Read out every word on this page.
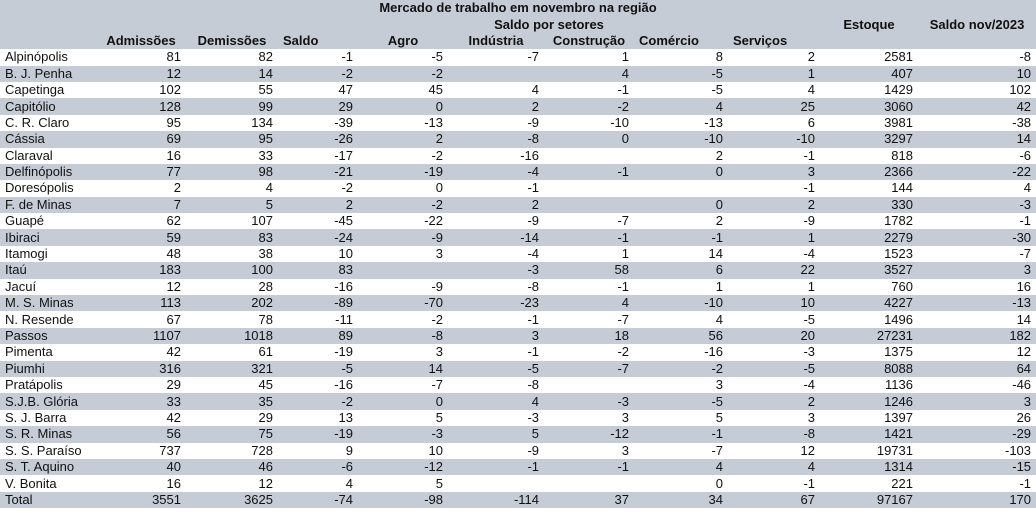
Mercado de trabalho em novembro na região										
			Saldo por setores						Estoque	Saldo nov/2023
	Admissões	Demissões	Saldo	Agro	Indústria	Construção	Comércio	Serviços		
Alpinópolis	81	82	-1	-5	-7	1	8	2	2581	-8
B. J. Penha	12	14	-2	-2		4	-5	1	407	10
Capetinga	102	55	47	45	4	-1	-5	4	1429	102
Capitólio	128	99	29	0	2	-2	4	25	3060	42
C. R. Claro	95	134	-39	-13	-9	-10	-13	6	3981	-38
Cássia	69	95	-26	2	-8	0	-10	-10	3297	14
Claraval	16	33	-17	-2	-16		2	-1	818	-6
Delfinópolis	77	98	-21	-19	-4	-1	0	3	2366	-22
Doresópolis	2	4	-2	0	-1			-1	144	4
F. de Minas	7	5	2	-2	2		0	2	330	-3
Guapé	62	107	-45	-22	-9	-7	2	-9	1782	-1
Ibiraci	59	83	-24	-9	-14	-1	-1	1	2279	-30
Itamogi	48	38	10	3	-4	1	14	-4	1523	-7
Itaú	183	100	83		-3	58	6	22	3527	3
Jacuí	12	28	-16	-9	-8	-1	1	1	760	16
M. S. Minas	113	202	-89	-70	-23	4	-10	10	4227	-13
N. Resende	67	78	-11	-2	-1	-7	4	-5	1496	14
Passos	1107	1018	89	-8	3	18	56	20	27231	182
Pimenta	42	61	-19	3	-1	-2	-16	-3	1375	12
Piumhi	316	321	-5	14	-5	-7	-2	-5	8088	64
Pratápolis	29	45	-16	-7	-8		3	-4	1136	-46
S.J.B. Glória	33	35	-2	0	4	-3	-5	2	1246	3
S. J. Barra	42	29	13	5	-3	3	5	3	1397	26
S. R. Minas	56	75	-19	-3	5	-12	-1	-8	1421	-29
S. S. Paraíso	737	728	9	10	-9	3	-7	12	19731	-103
S. T. Aquino	40	46	-6	-12	-1	-1	4	4	1314	-15
V. Bonita	16	12	4	5			0	-1	221	-1
Total	3551	3625	-74	-98	-114	37	34	67	97167	170
